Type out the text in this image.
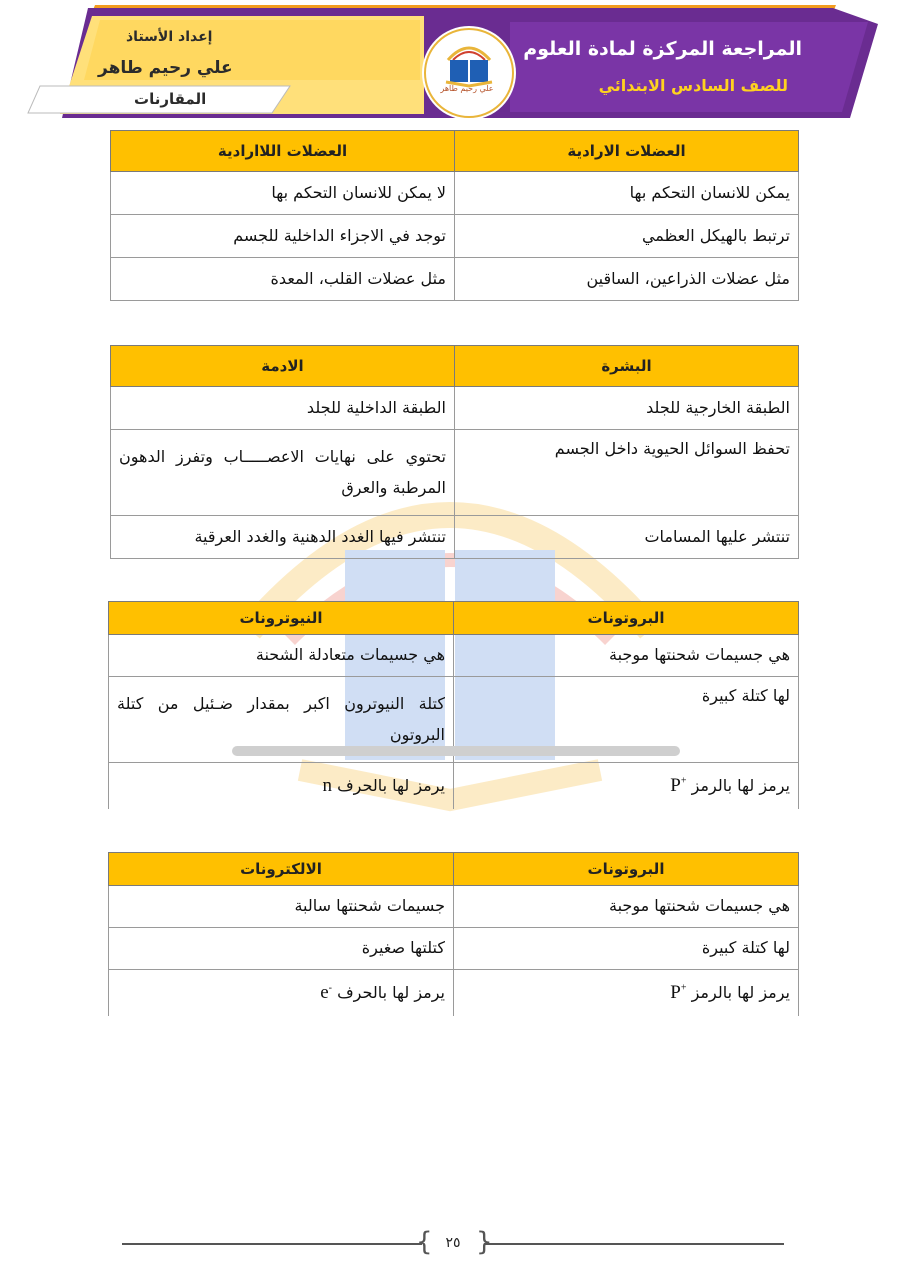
المراجعة المركزة لمادة العلوم
للصف السادس الابتدائي
إعداد الأستاذ
علي رحيم طاهر
المقارنات
علي رحيم طاهر
العضلات الارادية	العضلات اللاارادية
يمكن للانسان التحكم بها	لا يمكن للانسان التحكم بها
ترتبط بالهيكل العظمي	توجد في الاجزاء الداخلية للجسم
مثل عضلات الذراعين، الساقين	مثل عضلات القلب، المعدة
البشرة	الادمة
الطبقة الخارجية للجلد	الطبقة الداخلية للجلد
تحفظ السوائل الحيوية داخل الجسم	تحتوي على نهايات الاعصـــــاب وتفرز الدهون المرطبة والعرق
تنتشر عليها المسامات	تنتشر فيها الغدد الدهنية والغدد العرقية
البروتونات	النيوترونات
هي جسيمات شحنتها موجبة	هي جسيمات متعادلة الشحنة
لها كتلة كبيرة	كتلة النيوترون اكبر بمقدار ضـئيل من كتلة البروتون
يرمز لها بالرمز  P+	يرمز لها بالحرف  n
البروتونات	الالكترونات
هي جسيمات شحنتها موجبة	جسيمات شحنتها سالبة
لها كتلة كبيرة	كتلتها صغيرة
يرمز لها بالرمز  P+	يرمز لها بالحرف  e-
{ }
٢٥
